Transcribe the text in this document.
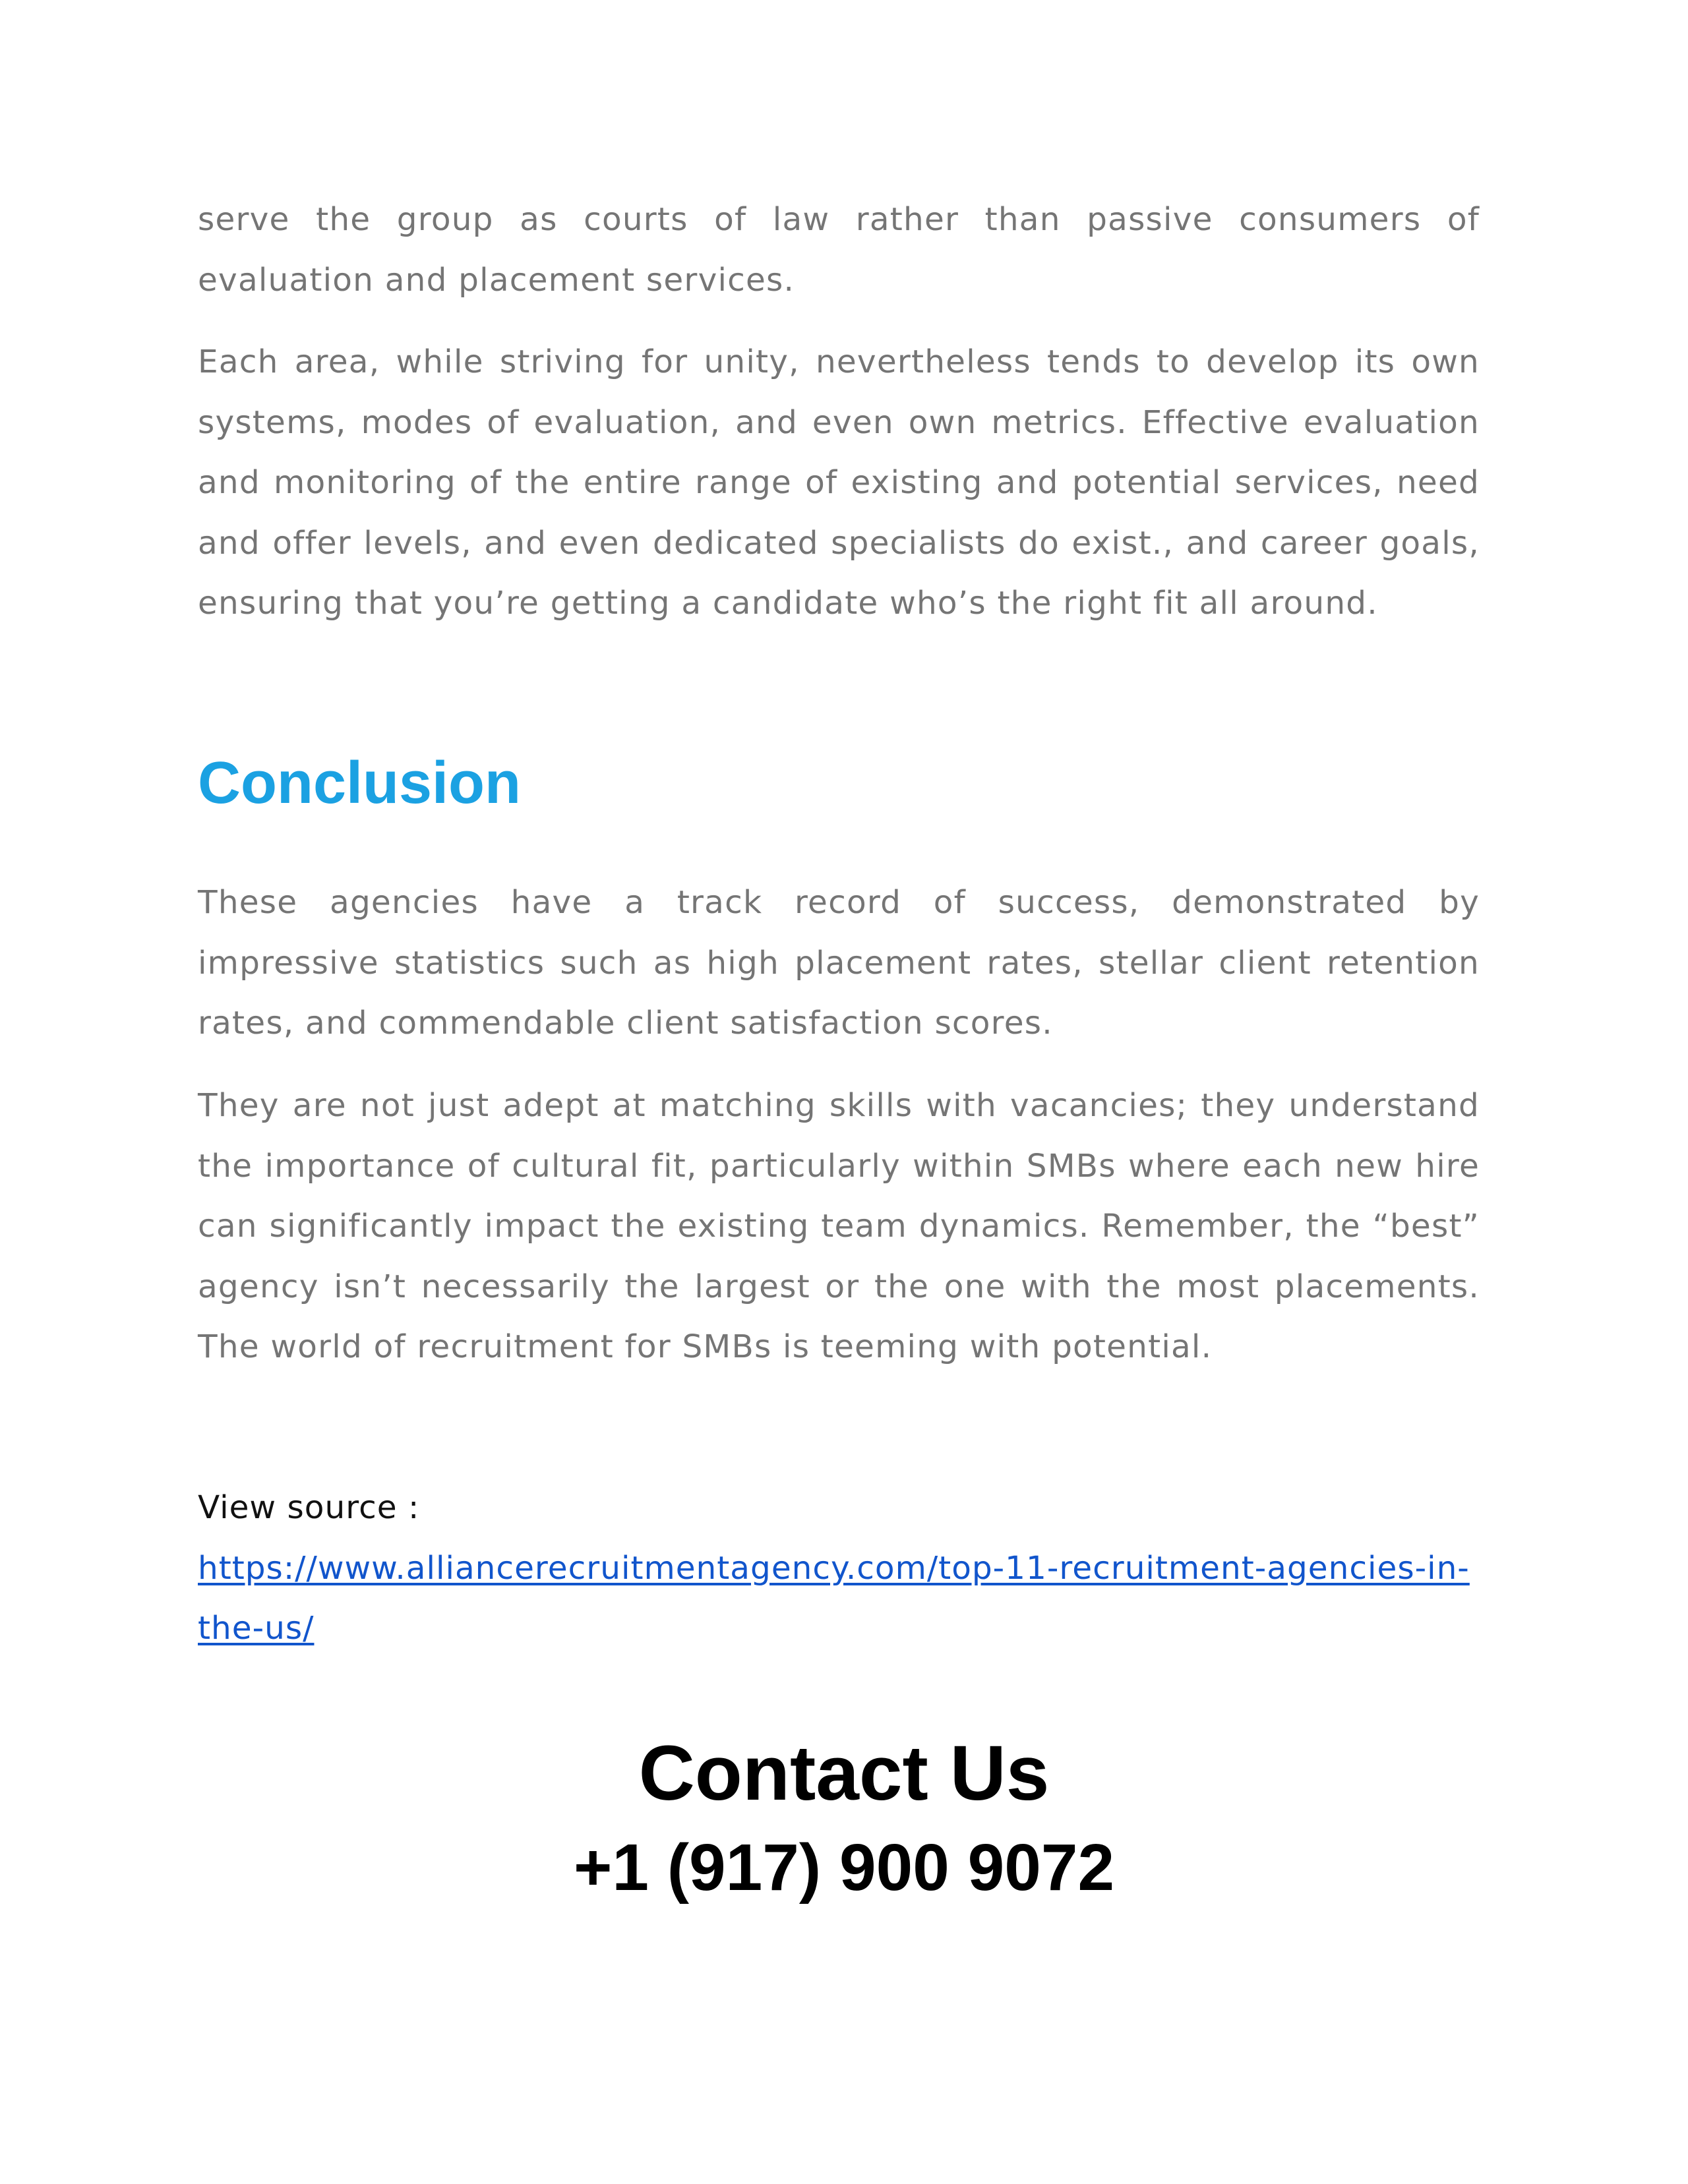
serve the group as courts of law rather than passive consumers of evaluation and placement services.

Each area, while striving for unity, nevertheless tends to develop its own systems, modes of evaluation, and even own metrics. Effective evaluation and monitoring of the entire range of existing and potential services, need and offer levels, and even dedicated specialists do exist., and career goals, ensuring that you’re getting a candidate who’s the right fit all around.

Conclusion

These agencies have a track record of success, demonstrated by impressive statistics such as high placement rates, stellar client retention rates, and commendable client satisfaction scores.

They are not just adept at matching skills with vacancies; they understand the importance of cultural fit, particularly within SMBs where each new hire can significantly impact the existing team dynamics. Remember, the “best” agency isn’t necessarily the largest or the one with the most placements. The world of recruitment for SMBs is teeming with potential.

View source :
https://www.alliancerecruitmentagency.com/top-11-recruitment-agencies-in-the-us/
Contact Us
+1 (917) 900 9072
